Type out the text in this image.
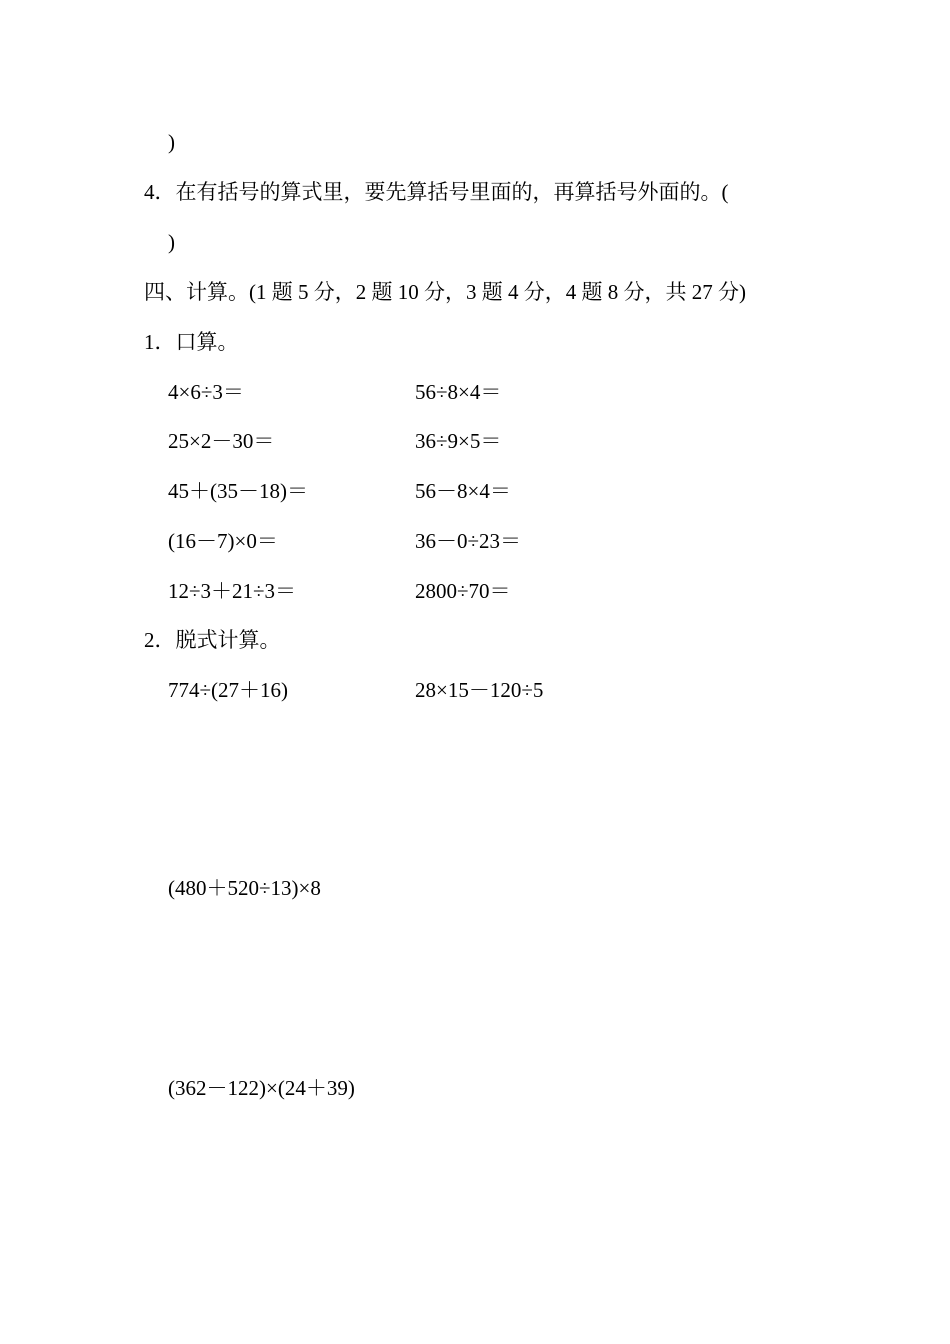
)
4．在有括号的算式里，要先算括号里面的，再算括号外面的。(
)
四、计算。(1 题 5 分，2 题 10 分，3 题 4 分，4 题 8 分，共 27 分)
1．口算。
4×6÷3＝	56÷8×4＝
25×2－30＝	36÷9×5＝
45＋(35－18)＝	56－8×4＝
(16－7)×0＝	36－0÷23＝
12÷3＋21÷3＝	2800÷70＝
2．脱式计算。
774÷(27＋16)	28×15－120÷5
(480＋520÷13)×8
(362－122)×(24＋39)
